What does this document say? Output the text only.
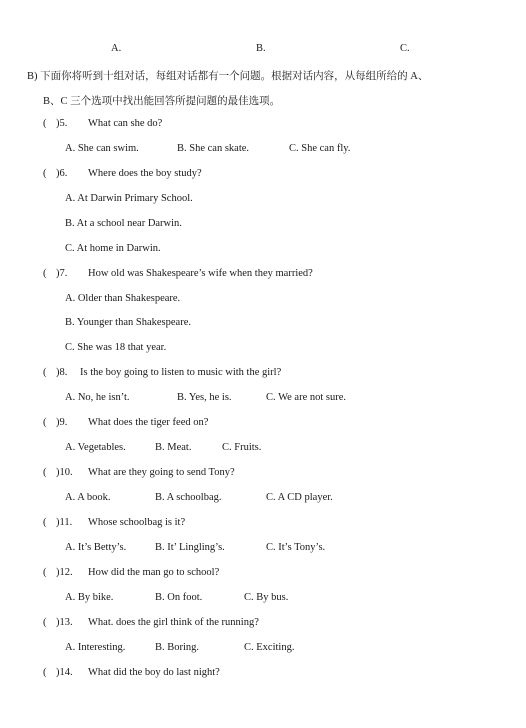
A.	B.	C.
B) 下面你将听到十组对话，每组对话都有一个问题。根据对话内容，从每组所给的 A、
B、C 三个选项中找出能回答所提问题的最佳选项。
( )5. What can she do?
A. She can swim.	B. She can skate.	C. She can fly.
( )6. Where does the boy study?
A. At Darwin Primary School.
B. At a school near Darwin.
C. At home in Darwin.
( )7. How old was Shakespeare’s wife when they married?
A. Older than Shakespeare.
B. Younger than Shakespeare.
C. She was 18 that year.
( )8. Is the boy going to listen to music with the girl?
A. No, he isn’t.	B. Yes, he is.	C. We are not sure.
( )9. What does the tiger feed on?
A. Vegetables.	B. Meat.	C. Fruits.
( )10. What are they going to send Tony?
A. A book.	B. A schoolbag.	C. A CD player.
( )11. Whose schoolbag is it?
A. It’s Betty’s.	B. It’ Lingling’s.	C. It’s Tony’s.
( )12. How did the man go to school?
A. By bike.	B. On foot.	C. By bus.
( )13. What. does the girl think of the running?
A. Interesting.	B. Boring.	C. Exciting.
( )14. What did the boy do last night?
